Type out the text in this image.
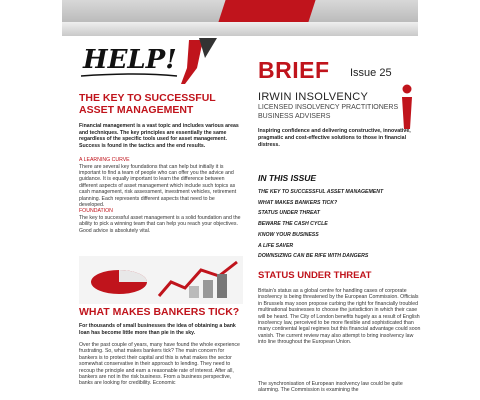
HELP!
THE KEY TO SUCCESSFUL ASSET MANAGEMENT
Financial management is a vast topic and includes various areas and techniques. The key principles are essentially the same regardless of the specific tools used for asset management. Success is found in the tactics and the end results.
A LEARNING CURVE
There are several key foundations that can help but initially it is important to find a team of people who can offer you the advice and guidance. It is equally important to learn the difference between different aspects of asset management which include such topics as cash management, risk assessment, investment vehicles, retirement planning. Each represents different aspects that need to be developed.
FOUNDATION
The key to successful asset management is a solid foundation and the ability to pick a winning team that can help you reach your objectives. Good advice is absolutely vital.
WHAT MAKES BANKERS TICK?
For thousands of small businesses the idea of obtaining a bank loan has become little more than pie in the sky.
Over the past couple of years, many have found the whole experience frustrating. So, what makes bankers tick? The main concern for bankers is to protect their capital and this is what makes the sector somewhat conservative in their approach to lending. They need to recoup the principle and earn a reasonable rate of interest. After all, bankers are not in the risk business. From a business perspective, banks are looking for credibility. Economic
BRIEF Issue 25
IRWIN INSOLVENCY
LICENSED INSOLVENCY PRACTITIONERS
BUSINESS ADVISERS
Inspiring confidence and delivering constructive, innovative, pragmatic and cost-effective solutions to those in financial distress.
IN THIS ISSUE
THE KEY TO SUCCESSFUL ASSET MANAGEMENT
WHAT MAKES BANKERS TICK?
STATUS UNDER THREAT
BEWARE THE CASH CYCLE
KNOW YOUR BUSINESS
A LIFE SAVER
DOWNSIZING CAN BE RIFE WITH DANGERS
STATUS UNDER THREAT
Britain's status as a global centre for handling cases of corporate insolvency is being threatened by the European Commission. Officials in Brussels may soon propose curbing the right for financially troubled multinational businesses to choose the jurisdiction in which their case will be heard. The City of London benefits hugely as a result of English insolvency law, perceived to be more flexible and sophisticated than many continental legal regimes but this financial advantage could soon vanish. The current review may also attempt to bring insolvency law into line throughout the European Union.
The synchronisation of European insolvency law could be quite alarming. The Commission is examining the
